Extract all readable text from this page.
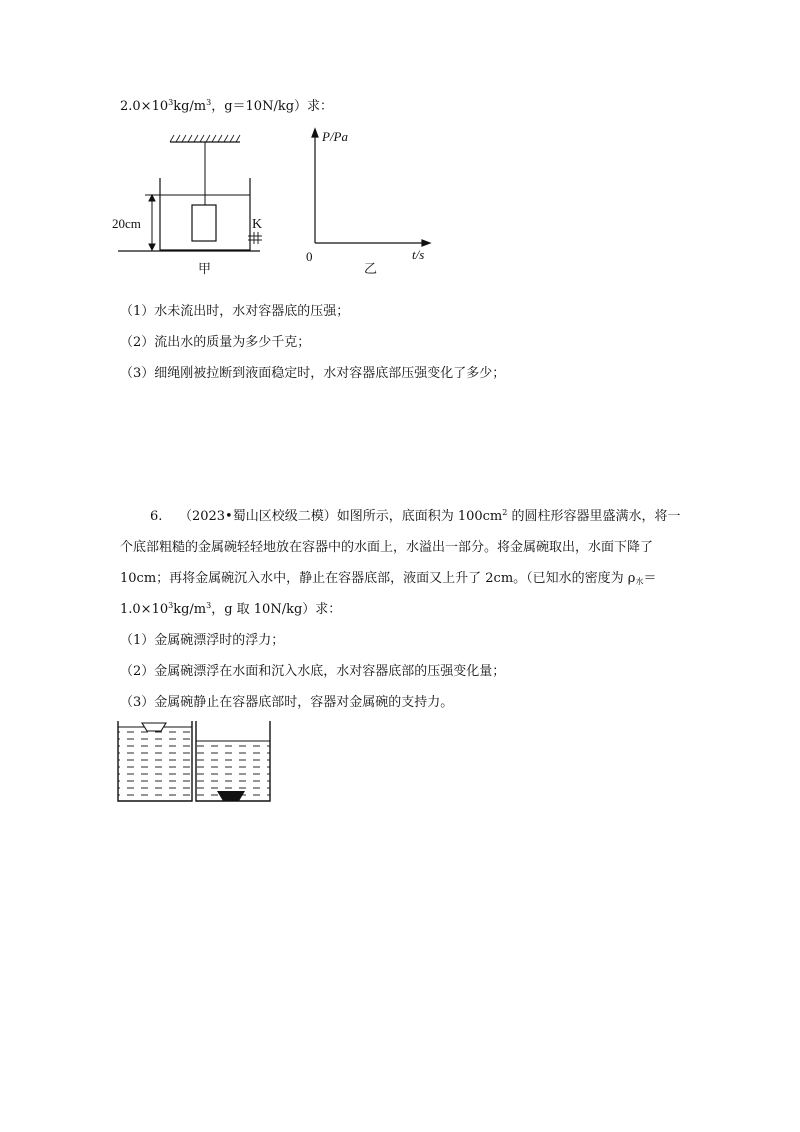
$2.0\times 10^3kg/m^3$，g＝10N/kg）求：
20cm	K
甲
P/Pa
t/s
0
乙
（1）水未流出时，水对容器底的压强；
（2）流出水的质量为多少千克；
（3）细绳刚被拉断到液面稳定时，水对容器底部压强变化了多少；
6. （2023•蜀山区校级二模）如图所示，底面积为 $100cm^2$ 的圆柱形容器里盛满水，将一
个底部粗糙的金属碗轻轻地放在容器中的水面上，水溢出一部分。将金属碗取出，水面下降了
10cm；再将金属碗沉入水中，静止在容器底部，液面又上升了 2cm。（已知水的密度为 $\rho_水=$
$1.0\times 10^3kg/m^3$，g 取 10N/kg）求：
（1）金属碗漂浮时的浮力；
（2）金属碗漂浮在水面和沉入水底，水对容器底部的压强变化量；
（3）金属碗静止在容器底部时，容器对金属碗的支持力。
